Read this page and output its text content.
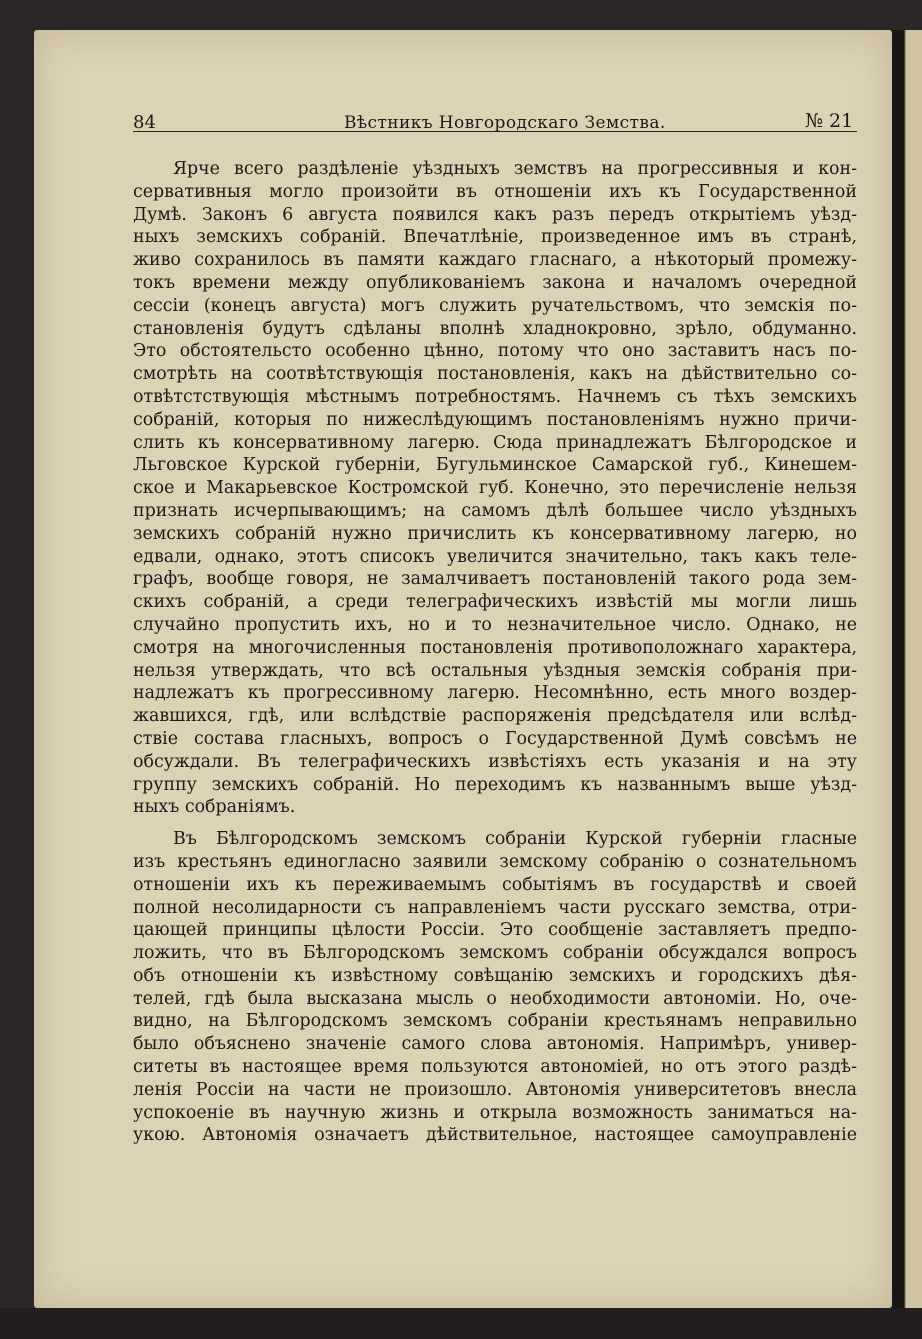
84	Вѣстникъ Новгородскаго Земства.	№ 21
Ярче всего раздѣленіе уѣздныхъ земствъ на прогрессивныя и кон-
сервативныя могло произойти въ отношеніи ихъ къ Государственной
Думѣ. Законъ 6 августа появился какъ разъ передъ открытіемъ уѣзд-
ныхъ земскихъ собраній. Впечатлѣніе, произведенное имъ въ странѣ,
живо сохранилось въ памяти каждаго гласнаго, а нѣкоторый промежу-
токъ времени между опубликованіемъ закона и началомъ очередной
сессіи (конецъ августа) могъ служить ручательствомъ, что земскія по-
становленія будутъ сдѣланы вполнѣ хладнокровно, зрѣло, обдуманно.
Это обстоятельсто особенно цѣнно, потому что оно заставитъ насъ по-
смотрѣть на соотвѣтствующія постановленія, какъ на дѣйствительно со-
отвѣтстствующія мѣстнымъ потребностямъ. Начнемъ съ тѣхъ земскихъ
собраній, которыя по нижеслѣдующимъ постановленіямъ нужно причи-
слить къ консервативному лагерю. Сюда принадлежатъ Бѣлгородское и
Льговское Курской губерніи, Бугульминское Самарской губ., Кинешем-
ское и Макарьевское Костромской губ. Конечно, это перечисленіе нельзя
признать исчерпывающимъ; на самомъ дѣлѣ большее число уѣздныхъ
земскихъ собраній нужно причислить къ консервативному лагерю, но
едвали, однако, этотъ списокъ увеличится значительно, такъ какъ теле-
графъ, вообще говоря, не замалчиваетъ постановленій такого рода зем-
скихъ собраній, а среди телеграфическихъ извѣстій мы могли лишь
случайно пропустить ихъ, но и то незначительное число. Однако, не
смотря на многочисленныя постановленія противоположнаго характера,
нельзя утверждать, что всѣ остальныя уѣздныя земскія собранія при-
надлежатъ къ прогрессивному лагерю. Несомнѣнно, есть много воздер-
жавшихся, гдѣ, или вслѣдствіе распоряженія предсѣдателя или вслѣд-
ствіе состава гласныхъ, вопросъ о Государственной Думѣ совсѣмъ не
обсуждали. Въ телеграфическихъ извѣстіяхъ есть указанія и на эту
группу земскихъ собраній. Но переходимъ къ названнымъ выше уѣзд-
ныхъ собраніямъ.
Въ Бѣлгородскомъ земскомъ собраніи Курской губерніи гласные
изъ крестьянъ единогласно заявили земскому собранію о сознательномъ
отношеніи ихъ къ переживаемымъ событіямъ въ государствѣ и своей
полной несолидарности съ направленіемъ части русскаго земства, отри-
цающей принципы цѣлости Россіи. Это сообщеніе заставляетъ предпо-
ложить, что въ Бѣлгородскомъ земскомъ собраніи обсуждался вопросъ
объ отношеніи къ извѣстному совѣщанію земскихъ и городскихъ дѣя-
телей, гдѣ была высказана мысль о необходимости автономіи. Но, оче-
видно, на Бѣлгородскомъ земскомъ собраніи крестьянамъ неправильно
было объяснено значеніе самого слова автономія. Напримѣръ, универ-
ситеты въ настоящее время пользуются автономіей, но отъ этого раздѣ-
ленія Россіи на части не произошло. Автономія университетовъ внесла
успокоеніе въ научную жизнь и открыла возможность заниматься на-
укою. Автономія означаетъ дѣйствительное, настоящее самоуправленіе
